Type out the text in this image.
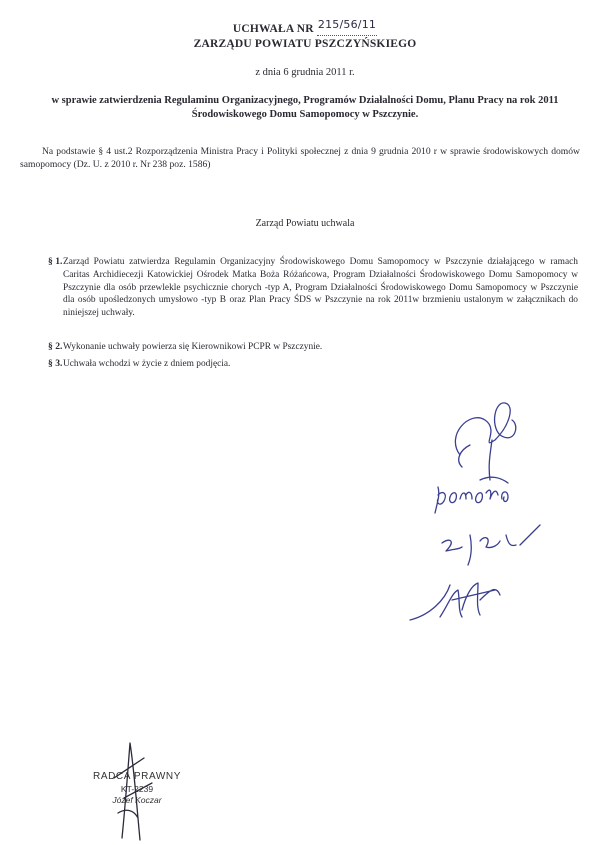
UCHWAŁA NR 215/56/11
ZARZĄDU POWIATU PSZCZYŃSKIEGO
z dnia 6 grudnia 2011 r.
w sprawie zatwierdzenia Regulaminu Organizacyjnego, Programów Działalności Domu, Planu Pracy na rok 2011 Środowiskowego Domu Samopomocy w Pszczynie.
Na podstawie § 4 ust.2 Rozporządzenia Ministra Pracy i Polityki społecznej z dnia 9 grudnia 2010 r w sprawie środowiskowych domów samopomocy (Dz. U. z 2010 r. Nr 238 poz. 1586)
Zarząd Powiatu uchwala
§ 1. Zarząd Powiatu zatwierdza Regulamin Organizacyjny Środowiskowego Domu Samopomocy w Pszczynie działającego w ramach Caritas Archidiecezji Katowickiej Ośrodek Matka Boża Różańcowa, Program Działalności Środowiskowego Domu Samopomocy w Pszczynie dla osób przewlekle psychicznie chorych -typ A, Program Działalności Środowiskowego Domu Samopomocy w Pszczynie dla osób upośledzonych umysłowo -typ B oraz Plan Pracy ŚDS w Pszczynie na rok 2011w brzmieniu ustalonym w załącznikach do niniejszej uchwały.
§ 2. Wykonanie uchwały powierza się Kierownikowi PCPR w Pszczynie.
§ 3. Uchwała wchodzi w życie z dniem podjęcia.
RADCA PRAWNY
KT-2239
Józef Koczar
